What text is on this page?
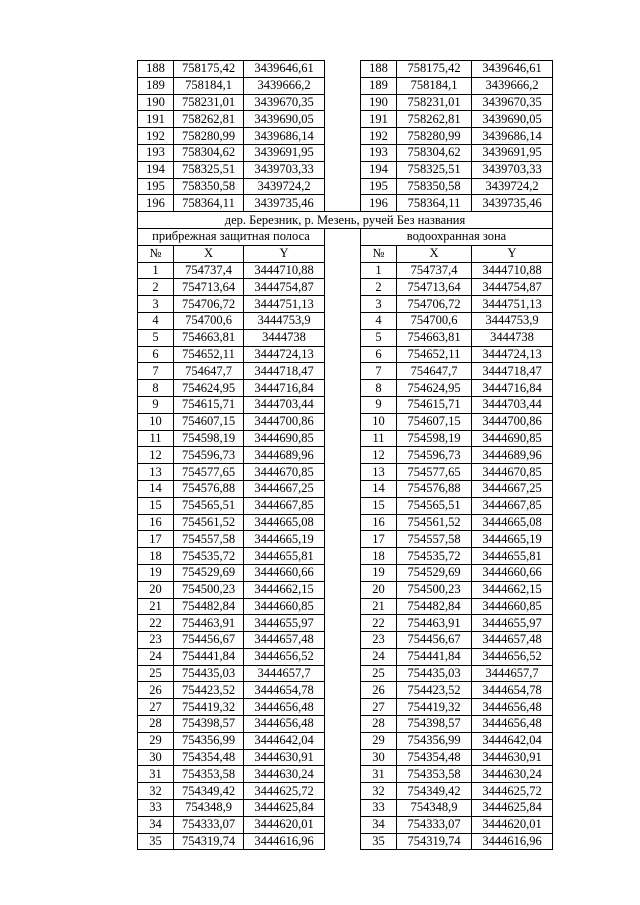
188	758175,42	3439646,61		188	758175,42	3439646,61
189	758184,1	3439666,2		189	758184,1	3439666,2
190	758231,01	3439670,35		190	758231,01	3439670,35
191	758262,81	3439690,05		191	758262,81	3439690,05
192	758280,99	3439686,14		192	758280,99	3439686,14
193	758304,62	3439691,95		193	758304,62	3439691,95
194	758325,51	3439703,33		194	758325,51	3439703,33
195	758350,58	3439724,2		195	758350,58	3439724,2
196	758364,11	3439735,46		196	758364,11	3439735,46
дер. Березник, р. Мезень, ручей Без названия						
прибрежная защитная полоса				водоохранная зона		
№	X	Y		№	X	Y
1	754737,4	3444710,88		1	754737,4	3444710,88
2	754713,64	3444754,87		2	754713,64	3444754,87
3	754706,72	3444751,13		3	754706,72	3444751,13
4	754700,6	3444753,9		4	754700,6	3444753,9
5	754663,81	3444738		5	754663,81	3444738
6	754652,11	3444724,13		6	754652,11	3444724,13
7	754647,7	3444718,47		7	754647,7	3444718,47
8	754624,95	3444716,84		8	754624,95	3444716,84
9	754615,71	3444703,44		9	754615,71	3444703,44
10	754607,15	3444700,86		10	754607,15	3444700,86
11	754598,19	3444690,85		11	754598,19	3444690,85
12	754596,73	3444689,96		12	754596,73	3444689,96
13	754577,65	3444670,85		13	754577,65	3444670,85
14	754576,88	3444667,25		14	754576,88	3444667,25
15	754565,51	3444667,85		15	754565,51	3444667,85
16	754561,52	3444665,08		16	754561,52	3444665,08
17	754557,58	3444665,19		17	754557,58	3444665,19
18	754535,72	3444655,81		18	754535,72	3444655,81
19	754529,69	3444660,66		19	754529,69	3444660,66
20	754500,23	3444662,15		20	754500,23	3444662,15
21	754482,84	3444660,85		21	754482,84	3444660,85
22	754463,91	3444655,97		22	754463,91	3444655,97
23	754456,67	3444657,48		23	754456,67	3444657,48
24	754441,84	3444656,52		24	754441,84	3444656,52
25	754435,03	3444657,7		25	754435,03	3444657,7
26	754423,52	3444654,78		26	754423,52	3444654,78
27	754419,32	3444656,48		27	754419,32	3444656,48
28	754398,57	3444656,48		28	754398,57	3444656,48
29	754356,99	3444642,04		29	754356,99	3444642,04
30	754354,48	3444630,91		30	754354,48	3444630,91
31	754353,58	3444630,24		31	754353,58	3444630,24
32	754349,42	3444625,72		32	754349,42	3444625,72
33	754348,9	3444625,84		33	754348,9	3444625,84
34	754333,07	3444620,01		34	754333,07	3444620,01
35	754319,74	3444616,96		35	754319,74	3444616,96
